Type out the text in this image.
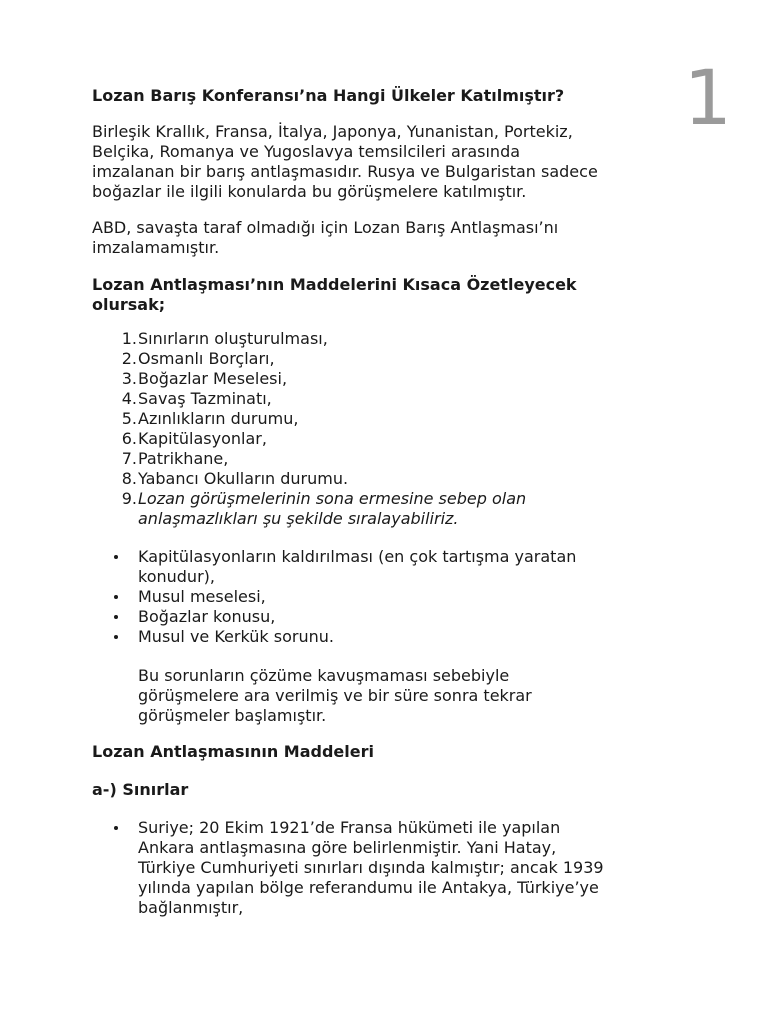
1
Lozan Barış Konferansı’na Hangi Ülkeler Katılmıştır?

Birleşik Krallık, Fransa, İtalya, Japonya, Yunanistan, Portekiz,
Belçika, Romanya ve Yugoslavya temsilcileri arasında
imzalanan bir barış antlaşmasıdır. Rusya ve Bulgaristan sadece
boğazlar ile ilgili konularda bu görüşmelere katılmıştır.

ABD, savaşta taraf olmadığı için Lozan Barış Antlaşması’nı
imzalamamıştır.

Lozan Antlaşması’nın Maddelerini Kısaca Özetleyecek
olursak;
1. Sınırların oluşturulması,
2. Osmanlı Borçları,
3. Boğazlar Meselesi,
4. Savaş Tazminatı,
5. Azınlıkların durumu,
6. Kapitülasyonlar,
7. Patrikhane,
8. Yabancı Okulların durumu.
9. Lozan görüşmelerinin sona ermesine sebep olan
anlaşmazlıkları şu şekilde sıralayabiliriz.
Kapitülasyonların kaldırılması (en çok tartışma yaratan
konudur),
Musul meselesi,
Boğazlar konusu,
Musul ve Kerkük sorunu.

Bu sorunların çözüme kavuşmaması sebebiyle
görüşmelere ara verilmiş ve bir süre sonra tekrar
görüşmeler başlamıştır.

Lozan Antlaşmasının Maddeleri
a-) Sınırlar
Suriye; 20 Ekim 1921’de Fransa hükümeti ile yapılan
Ankara antlaşmasına göre belirlenmiştir. Yani Hatay,
Türkiye Cumhuriyeti sınırları dışında kalmıştır; ancak 1939
yılında yapılan bölge referandumu ile Antakya, Türkiye’ye
bağlanmıştır,
